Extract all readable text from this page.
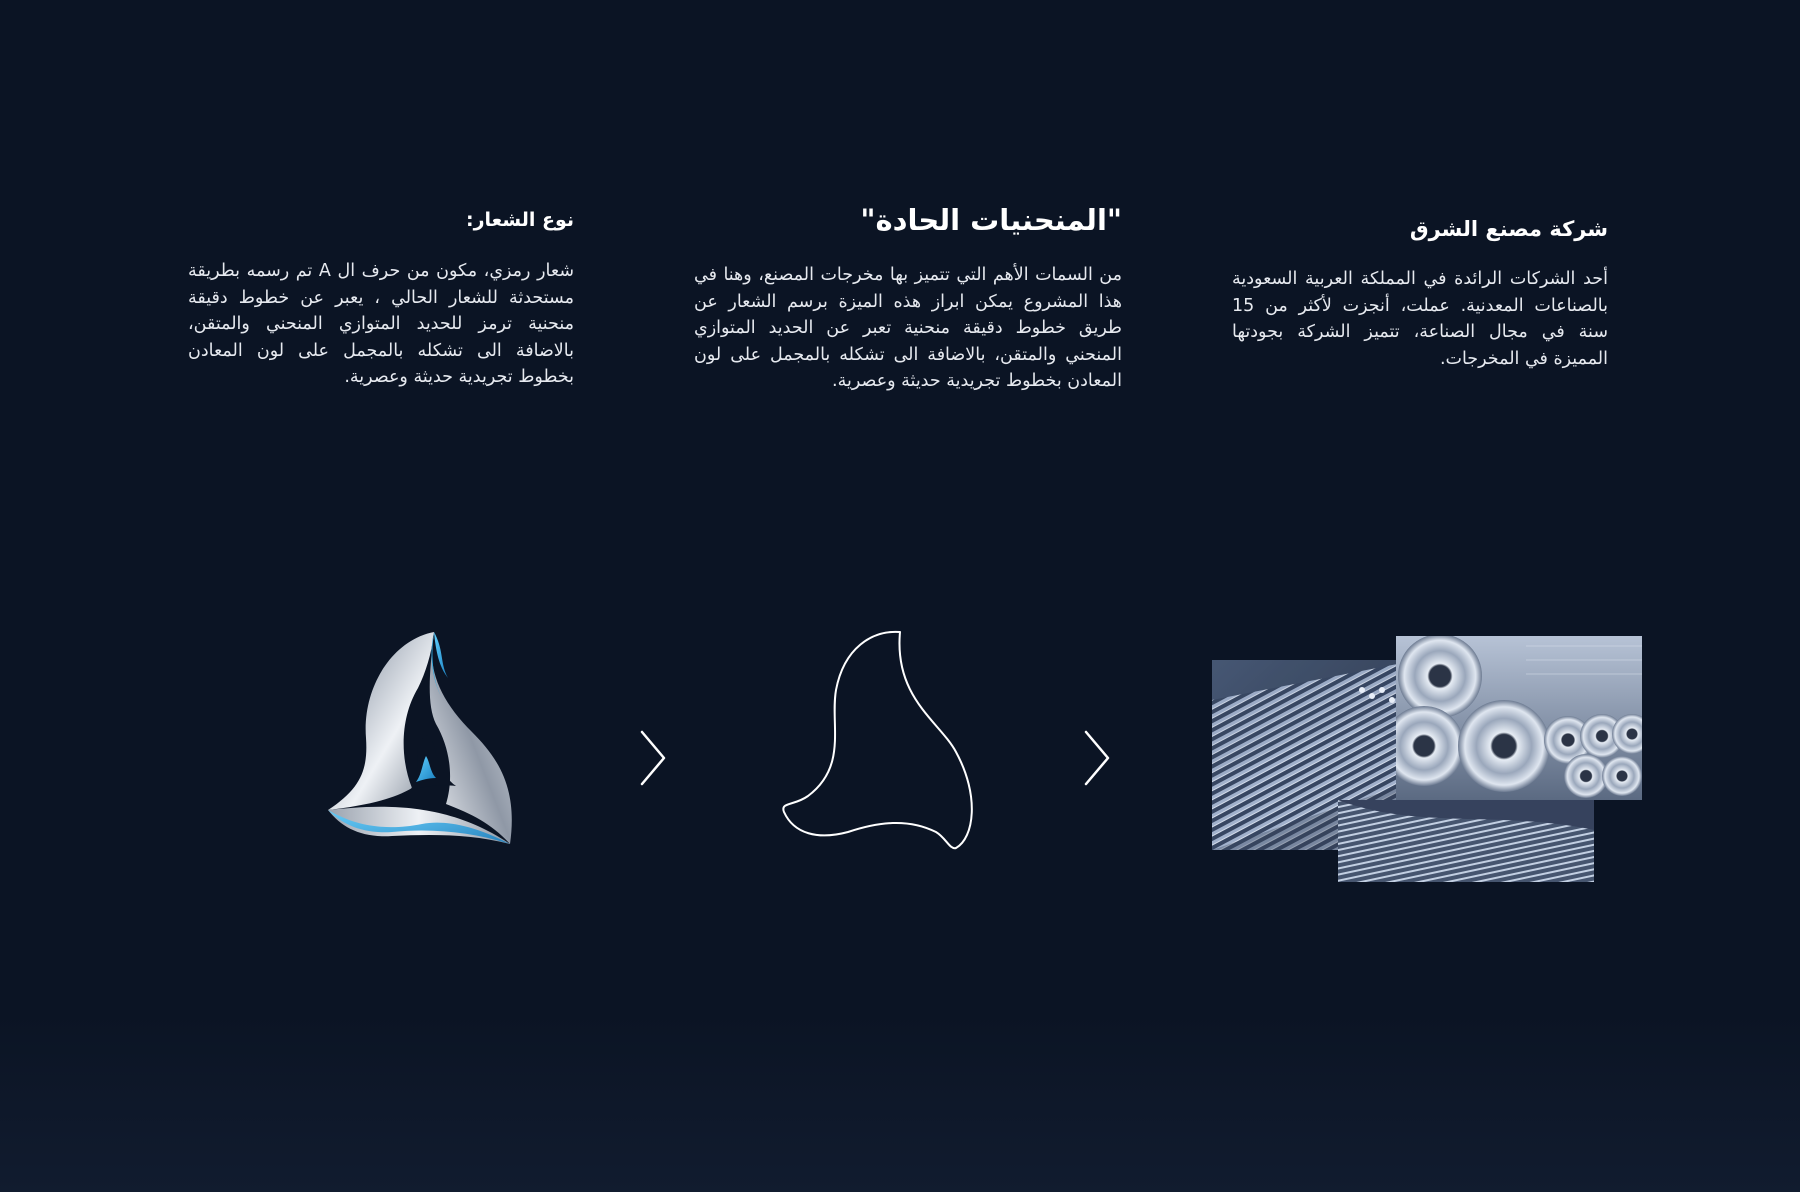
شركة مصنع الشرق

أحد الشركات الرائدة في المملكة العربية السعودية بالصناعات المعدنية. عملت، أنجزت لأكثر من 15 سنة في مجال الصناعة، تتميز الشركة بجودتها المميزة في المخرجات.

"المنحنيات الحادة"

من السمات الأهم التي تتميز بها مخرجات المصنع، وهنا في هذا المشروع يمكن ابراز هذه الميزة برسم الشعار عن طريق خطوط دقيقة منحنية تعبر عن الحديد المتوازي المنحني والمتقن، بالاضافة الى تشكله بالمجمل على لون المعادن بخطوط تجريدية حديثة وعصرية.

نوع الشعار:

شعار رمزي، مكون من حرف ال A تم رسمه بطريقة مستحدثة للشعار الحالي ، يعبر عن خطوط دقيقة منحنية ترمز للحديد المتوازي المنحني والمتقن، بالاضافة الى تشكله بالمجمل على لون المعادن بخطوط تجريدية حديثة وعصرية.
